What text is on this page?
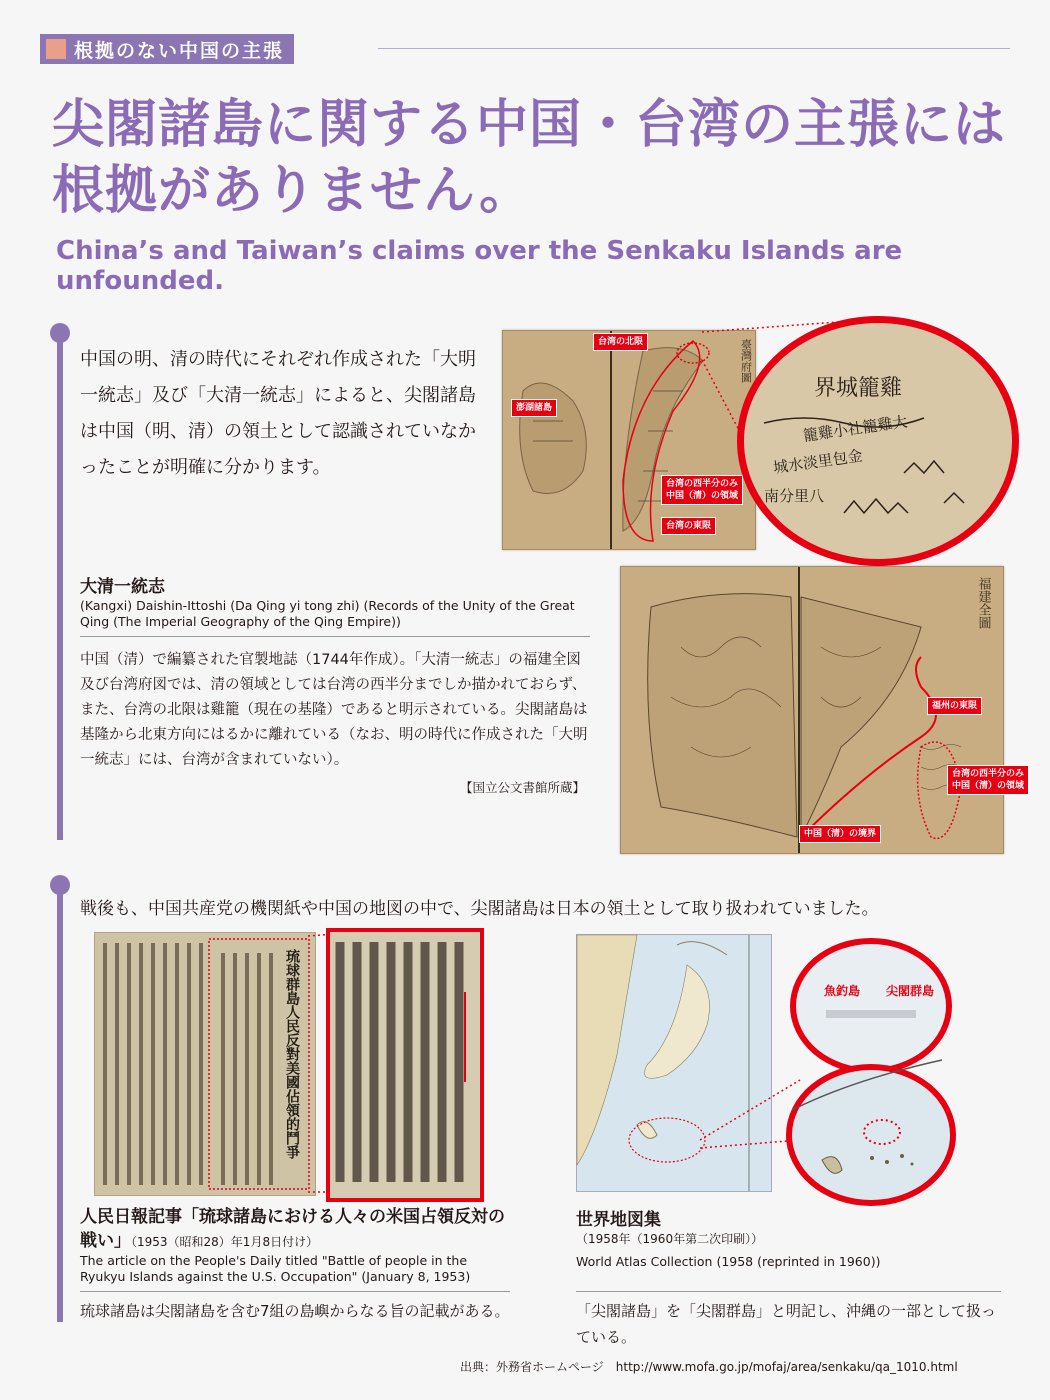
根拠のない中国の主張
尖閣諸島に関する中国・台湾の主張には
根拠がありません。
China’s and Taiwan’s claims over the Senkaku Islands are unfounded.
中国の明、清の時代にそれぞれ作成された「大明一統志」及び「大清一統志」によると、尖閣諸島は中国（明、清）の領土として認識されていなかったことが明確に分かります。
臺灣府圖
台湾の北限
澎湖諸島
台湾の西半分のみ
中国（清）の領域
台湾の東限
界城籠雞
籠雞小社籠雞大
城水淡里包金
南分里八
大清一統志
(Kangxi) Daishin-Ittoshi (Da Qing yi tong zhi) (Records of the Unity of the Great Qing (The Imperial Geography of the Qing Empire))
中国（清）で編纂された官製地誌（1744年作成）。「大清一統志」の福建全図及び台湾府図では、清の領域としては台湾の西半分までしか描かれておらず、また、台湾の北限は雞籠（現在の基隆）であると明示されている。尖閣諸島は基隆から北東方向にはるかに離れている（なお、明の時代に作成された「大明一統志」には、台湾が含まれていない）。
【国立公文書館所蔵】
福建全圖
福州の東限
台湾の西半分のみ
中国（清）の領域
中国（清）の境界
戦後も、中国共産党の機関紙や中国の地図の中で、尖閣諸島は日本の領土として取り扱われていました。
琉球群島人民反對美國佔領的鬥爭
人民日報記事「琉球諸島における人々の米国占領反対の戦い」（1953（昭和28）年1月8日付け）
The article on the People's Daily titled "Battle of people in the Ryukyu Islands against the U.S. Occupation" (January 8, 1953)
琉球諸島は尖閣諸島を含む7組の島嶼からなる旨の記載がある。
魚釣島 尖閣群島
世界地図集
（1958年（1960年第二次印刷））
World Atlas Collection (1958 (reprinted in 1960))
「尖閣諸島」を「尖閣群島」と明記し、沖縄の一部として扱っている。
出典：外務省ホームページ　http://www.mofa.go.jp/mofaj/area/senkaku/qa_1010.html
